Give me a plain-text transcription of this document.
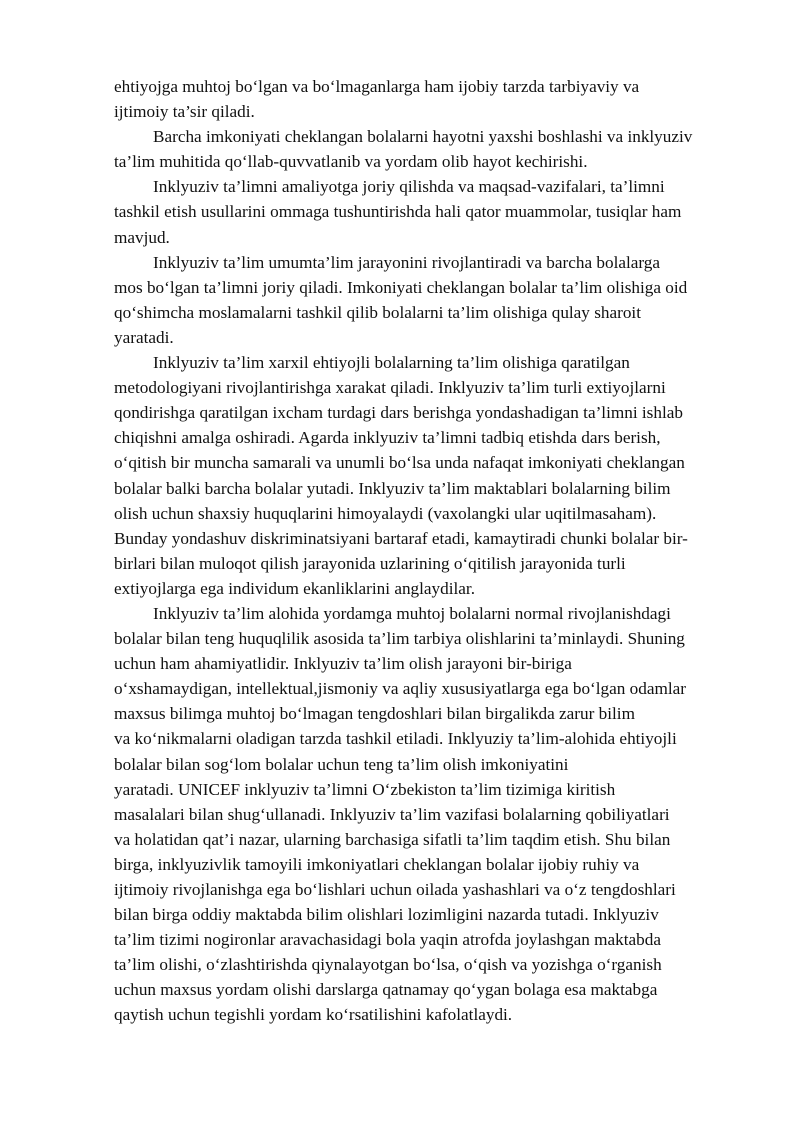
ehtiyojga muhtoj bo‘lgan va bo‘lmaganlarga ham ijobiy tarzda tarbiyaviy va
ijtimoiy ta’sir qiladi.
Barcha imkoniyati cheklangan bolalarni hayotni yaxshi boshlashi va inklyuziv
ta’lim muhitida qo‘llab-quvvatlanib va yordam olib hayot kechirishi.
Inklyuziv ta’limni amaliyotga joriy qilishda va maqsad-vazifalari, ta’limni
tashkil etish usullarini ommaga tushuntirishda hali qator muammolar, tusiqlar ham
mavjud.
Inklyuziv ta’lim umumta’lim jarayonini rivojlantiradi va barcha bolalarga
mos bo‘lgan ta’limni joriy qiladi. Imkoniyati cheklangan bolalar ta’lim olishiga oid
qo‘shimcha moslamalarni tashkil qilib bolalarni ta’lim olishiga qulay sharoit
yaratadi.
Inklyuziv ta’lim xarxil ehtiyojli bolalarning ta’lim olishiga qaratilgan
metodologiyani rivojlantirishga xarakat qiladi. Inklyuziv ta’lim turli extiyojlarni
qondirishga qaratilgan ixcham turdagi dars berishga yondashadigan ta’limni ishlab
chiqishni amalga oshiradi. Agarda inklyuziv ta’limni tadbiq etishda dars berish,
o‘qitish bir muncha samarali va unumli bo‘lsa unda nafaqat imkoniyati cheklangan
bolalar balki barcha bolalar yutadi. Inklyuziv ta’lim maktablari bolalarning bilim
olish uchun shaxsiy huquqlarini himoyalaydi (vaxolangki ular uqitilmasaham).
Bunday yondashuv diskriminatsiyani bartaraf etadi, kamaytiradi chunki bolalar bir-
birlari bilan muloqot qilish jarayonida uzlarining o‘qitilish jarayonida turli
extiyojlarga ega individum ekanliklarini anglaydilar.
Inklyuziv ta’lim alohida yordamga muhtoj bolalarni normal rivojlanishdagi
bolalar bilan teng huquqlilik asosida ta’lim tarbiya olishlarini ta’minlaydi. Shuning
uchun ham ahamiyatlidir. Inklyuziv ta’lim olish jarayoni bir-biriga
o‘xshamaydigan, intellektual,jismoniy va aqliy xususiyatlarga ega bo‘lgan odamlar
maxsus bilimga muhtoj bo‘lmagan tengdoshlari bilan birgalikda zarur bilim
va ko‘nikmalarni oladigan tarzda tashkil etiladi. Inklyuziy ta’lim-alohida ehtiyojli
bolalar bilan sog‘lom bolalar uchun teng ta’lim olish imkoniyatini
yaratadi. UNICEF inklyuziv ta’limni O‘zbekiston ta’lim tizimiga kiritish
masalalari bilan shug‘ullanadi. Inklyuziv ta’lim vazifasi bolalarning qobiliyatlari
va holatidan qat’i nazar, ularning barchasiga sifatli ta’lim taqdim etish. Shu bilan
birga, inklyuzivlik tamoyili imkoniyatlari cheklangan bolalar ijobiy ruhiy va
ijtimoiy rivojlanishga ega bo‘lishlari uchun oilada yashashlari va o‘z tengdoshlari
bilan birga oddiy maktabda bilim olishlari lozimligini nazarda tutadi. Inklyuziv
ta’lim tizimi nogironlar aravachasidagi bola yaqin atrofda joylashgan maktabda
ta’lim olishi, o‘zlashtirishda qiynalayotgan bo‘lsa, o‘qish va yozishga o‘rganish
uchun maxsus yordam olishi darslarga qatnamay qo‘ygan bolaga esa maktabga
qaytish uchun tegishli yordam ko‘rsatilishini kafolatlaydi.
